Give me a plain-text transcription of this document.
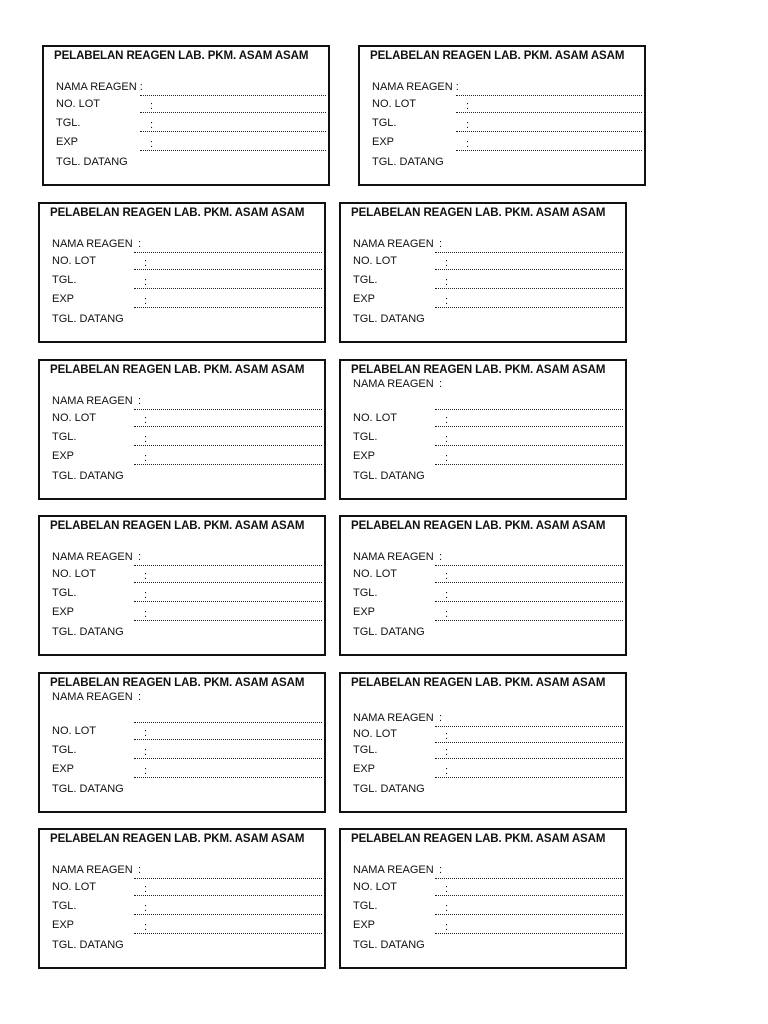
PELABELAN REAGEN LAB. PKM. ASAM ASAM
NAMA REAGEN :
NO. LOT	:
TGL.	:
EXP	:
TGL. DATANG
PELABELAN REAGEN LAB. PKM. ASAM ASAM
NAMA REAGEN :
NO. LOT	:
TGL.	:
EXP	:
TGL. DATANG
PELABELAN REAGEN LAB. PKM. ASAM ASAM
NAMA REAGEN :
NO. LOT	:
TGL.	:
EXP	:
TGL. DATANG
PELABELAN REAGEN LAB. PKM. ASAM ASAM
NAMA REAGEN :
NO. LOT	:
TGL.	:
EXP	:
TGL. DATANG
PELABELAN REAGEN LAB. PKM. ASAM ASAM
NAMA REAGEN :
NO. LOT	:
TGL.	:
EXP	:
TGL. DATANG
PELABELAN REAGEN LAB. PKM. ASAM ASAM
NAMA REAGEN :
NO. LOT	:
TGL.	:
EXP	:
TGL. DATANG
PELABELAN REAGEN LAB. PKM. ASAM ASAM
NAMA REAGEN :
NO. LOT	:
TGL.	:
EXP	:
TGL. DATANG
PELABELAN REAGEN LAB. PKM. ASAM ASAM
NAMA REAGEN :
NO. LOT	:
TGL.	:
EXP	:
TGL. DATANG
PELABELAN REAGEN LAB. PKM. ASAM ASAM
NAMA REAGEN :
NO. LOT	:
TGL.	:
EXP	:
TGL. DATANG
PELABELAN REAGEN LAB. PKM. ASAM ASAM
NAMA REAGEN :
NO. LOT	:
TGL.	:
EXP	:
TGL. DATANG
PELABELAN REAGEN LAB. PKM. ASAM ASAM
NAMA REAGEN :
NO. LOT	:
TGL.	:
EXP	:
TGL. DATANG
PELABELAN REAGEN LAB. PKM. ASAM ASAM
NAMA REAGEN :
NO. LOT	:
TGL.	:
EXP	:
TGL. DATANG
